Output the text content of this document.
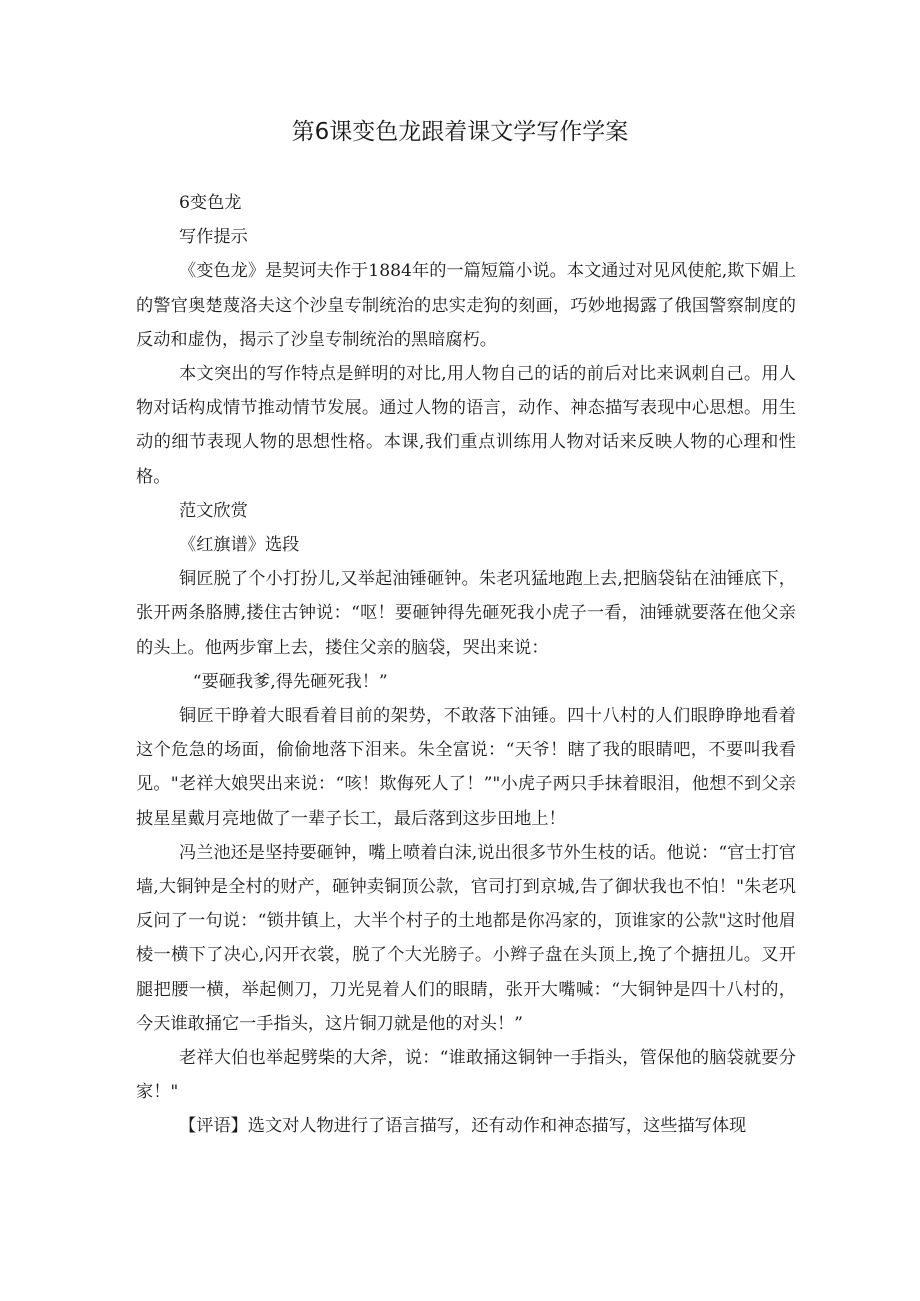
第6课变色龙跟着课文学写作学案

6变色龙

写作提示

《变色龙》是契诃夫作于1884年的一篇短篇小说。本文通过对见风使舵,欺下媚上的警官奥楚蔑洛夫这个沙皇专制统治的忠实走狗的刻画，巧妙地揭露了俄国警察制度的反动和虚伪，揭示了沙皇专制统治的黑暗腐朽。

本文突出的写作特点是鲜明的对比,用人物自己的话的前后对比来讽刺自己。用人物对话构成情节推动情节发展。通过人物的语言，动作、神态描写表现中心思想。用生动的细节表现人物的思想性格。本课,我们重点训练用人物对话来反映人物的心理和性格。

范文欣赏

《红旗谱》选段

铜匠脱了个小打扮儿,又举起油锤砸钟。朱老巩猛地跑上去,把脑袋钻在油锤底下，张开两条胳膊,搂住古钟说：“呕！要砸钟得先砸死我小虎子一看，油锤就要落在他父亲的头上。他两步窜上去，搂住父亲的脑袋，哭出来说：

“要砸我爹,得先砸死我！”

铜匠干睁着大眼看着目前的架势，不敢落下油锤。四十八村的人们眼睁睁地看着这个危急的场面，偷偷地落下泪来。朱全富说：“天爷！瞎了我的眼睛吧，不要叫我看见。"老祥大娘哭出来说：“咳！欺侮死人了！”"小虎子两只手抹着眼泪，他想不到父亲披星星戴月亮地做了一辈子长工，最后落到这步田地上！

冯兰池还是坚持要砸钟，嘴上喷着白沫,说出很多节外生枝的话。他说：“官士打官墙,大铜钟是全村的财产，砸钟卖铜顶公款，官司打到京城,告了御状我也不怕！"朱老巩反问了一句说：“锁井镇上，大半个村子的土地都是你冯家的，顶谁家的公款"这时他眉棱一横下了决心,闪开衣裳，脱了个大光膀子。小辫子盘在头顶上,挽了个搪扭儿。叉开腿把腰一横，举起侧刀，刀光晃着人们的眼睛，张开大嘴喊：“大铜钟是四十八村的，今天谁敢捅它一手指头，这片铜刀就是他的对头！”

老祥大伯也举起劈柴的大斧，说：“谁敢捅这铜钟一手指头，管保他的脑袋就要分家！"

【评语】选文对人物进行了语言描写，还有动作和神态描写，这些描写体现
